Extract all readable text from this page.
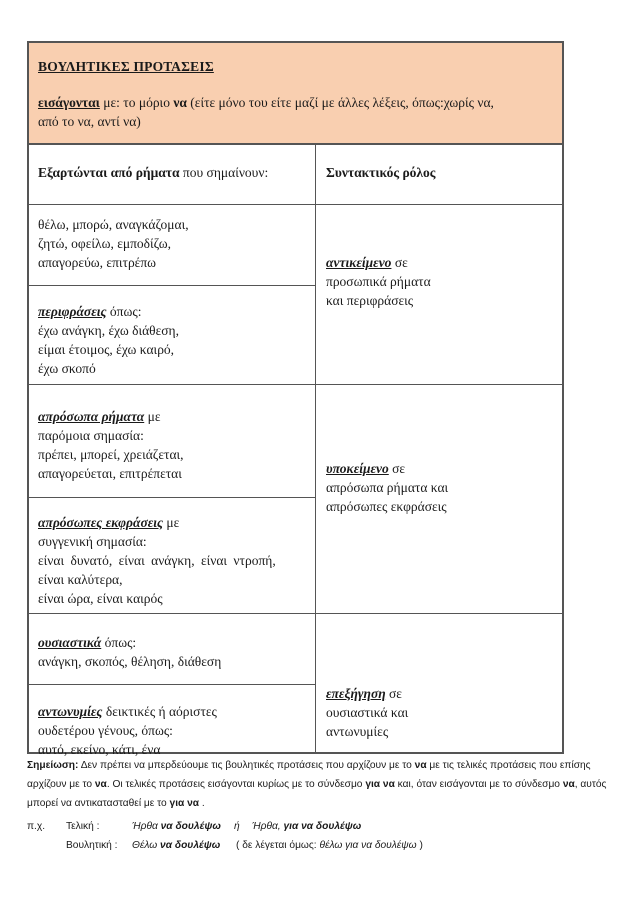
ΒΟΥΛΗΤΙΚΕΣ ΠΡΟΤΑΣΕΙΣ
εισάγονται με: το μόριο να (είτε μόνο του είτε μαζί με άλλες λέξεις, όπως:χωρίς να,
από το να, αντί να)
Εξαρτώνται από ρήματα που σημαίνουν:	Συντακτικός ρόλος
θέλω, μπορώ, αναγκάζομαι,
ζητώ, οφείλω, εμποδίζω,
απαγορεύω, επιτρέπω
περιφράσεις όπως:
έχω ανάγκη, έχω διάθεση,
είμαι έτοιμος, έχω καιρό,
έχω σκοπό
αντικείμενο σε
προσωπικά ρήματα
και περιφράσεις
απρόσωπα ρήματα με
παρόμοια σημασία:
πρέπει, μπορεί, χρειάζεται,
απαγορεύεται, επιτρέπεται
απρόσωπες εκφράσεις με
συγγενική σημασία:
είναι δυνατό, είναι ανάγκη, είναι ντροπή,
είναι καλύτερα,
είναι ώρα, είναι καιρός
υποκείμενο σε
απρόσωπα ρήματα και
απρόσωπες εκφράσεις
ουσιαστικά όπως:
ανάγκη, σκοπός, θέληση, διάθεση
αντωνυμίες δεικτικές ή αόριστες
ουδετέρου γένους, όπως:
αυτό, εκείνο, κάτι, ένα
επεξήγηση σε
ουσιαστικά και
αντωνυμίες
Σημείωση: Δεν πρέπει να μπερδεύουμε τις βουλητικές προτάσεις που αρχίζουν με το να με τις τελικές προτάσεις που επίσης αρχίζουν με το να. Οι τελικές προτάσεις εισάγονται κυρίως με το σύνδεσμο για να και, όταν εισάγονται με το σύνδεσμο να, αυτός μπορεί να αντικατασταθεί με το για να .
π.χ. Τελική :	Ήρθα να δουλέψω ή Ήρθα, για να δουλέψω
Βουλητική : Θέλω να δουλέψω ( δε λέγεται όμως: θέλω για να δουλέψω )
